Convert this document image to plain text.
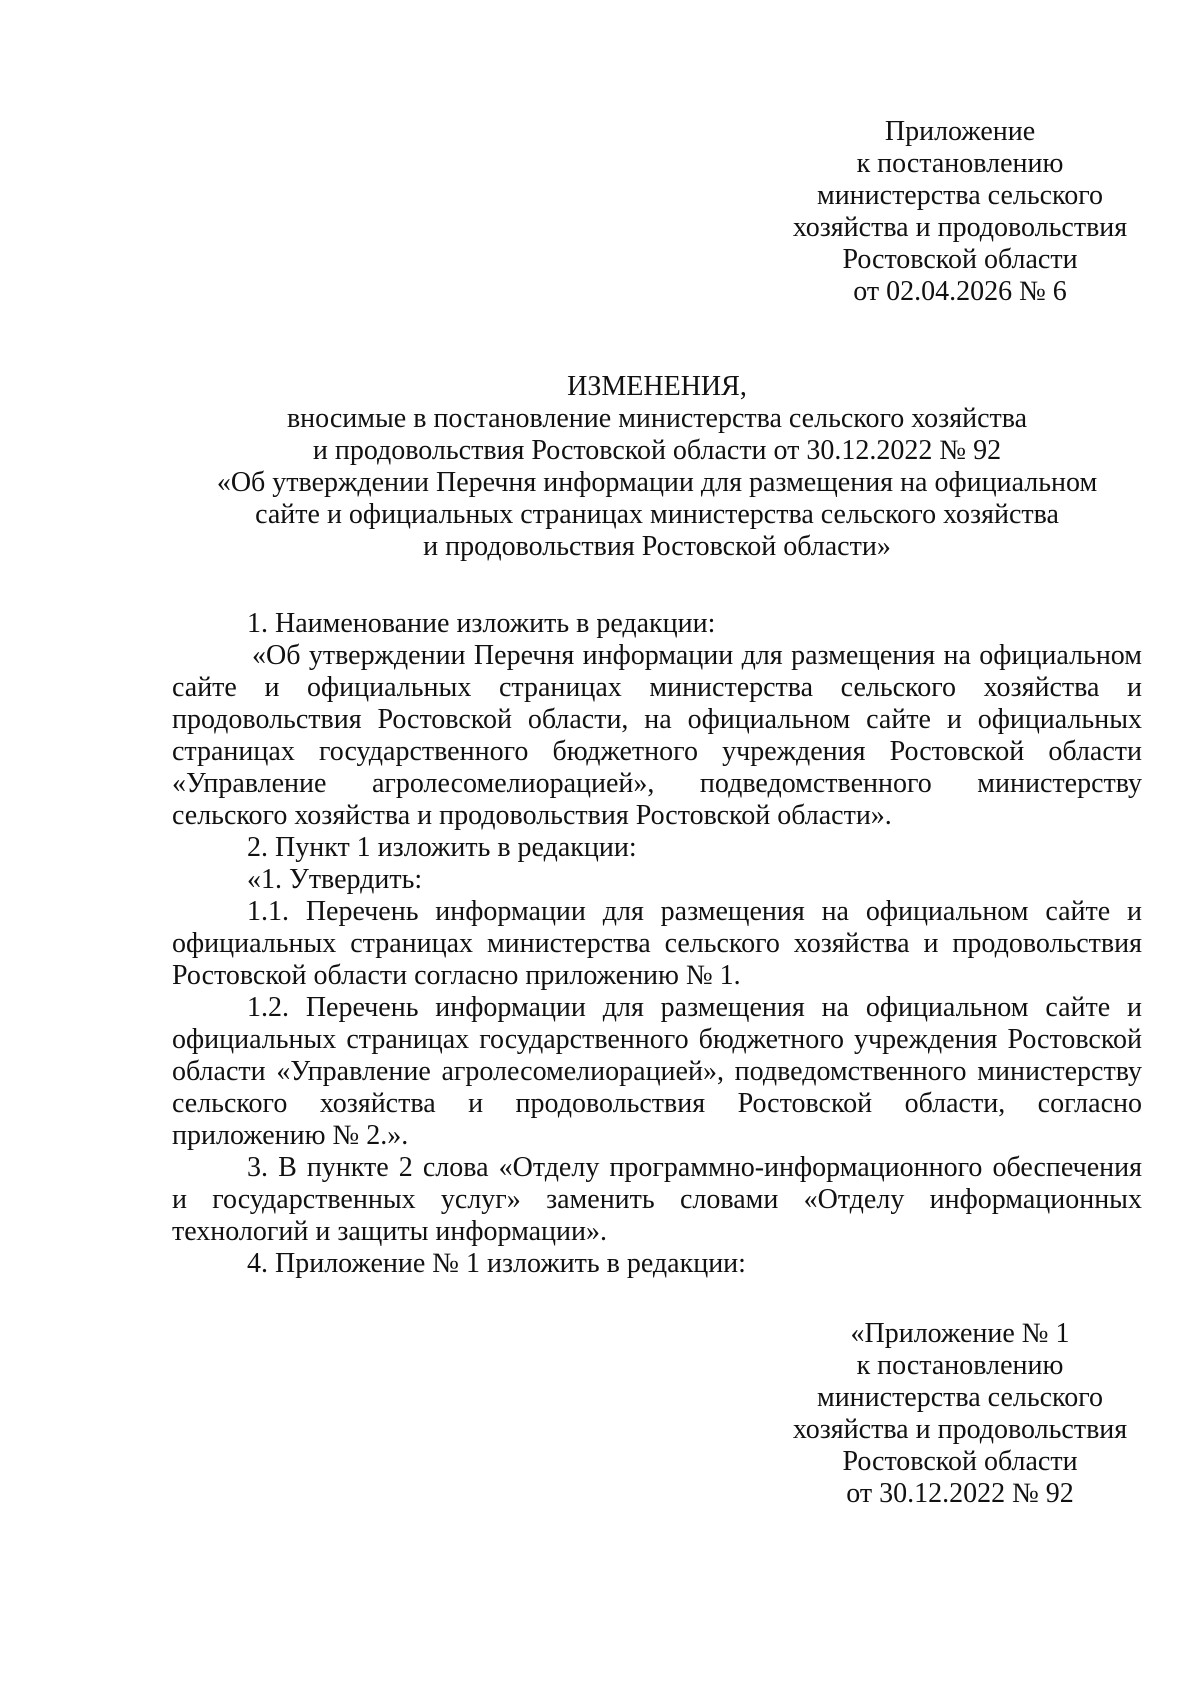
Приложение
к постановлению
министерства сельского
хозяйства и продовольствия
Ростовской области
от 02.04.2026 № 6
ИЗМЕНЕНИЯ,
вносимые в постановление министерства сельского хозяйства
и продовольствия Ростовской области от 30.12.2022 № 92
«Об утверждении Перечня информации для размещения на официальном
сайте и официальных страницах министерства сельского хозяйства
и продовольствия Ростовской области»

1. Наименование изложить в редакции:

«Об утверждении Перечня информации для размещения на официальном сайте и официальных страницах министерства сельского хозяйства и продовольствия Ростовской области, на официальном сайте и официальных страницах государственного бюджетного учреждения Ростовской области «Управление агролесомелиорацией», подведомственного министерству сельского хозяйства и продовольствия Ростовской области».

2. Пункт 1 изложить в редакции:

«1. Утвердить:

1.1. Перечень информации для размещения на официальном сайте и официальных страницах министерства сельского хозяйства и продовольствия Ростовской области согласно приложению № 1.

1.2. Перечень информации для размещения на официальном сайте и официальных страницах государственного бюджетного учреждения Ростовской области «Управление агролесомелиорацией», подведомственного министерству сельского хозяйства и продовольствия Ростовской области, согласно приложению № 2.».

3. В пункте 2 слова «Отделу программно-информационного обеспечения и государственных услуг» заменить словами «Отделу информационных технологий и защиты информации».

4. Приложение № 1 изложить в редакции:

«Приложение № 1
к постановлению
министерства сельского
хозяйства и продовольствия
Ростовской области
от 30.12.2022 № 92
